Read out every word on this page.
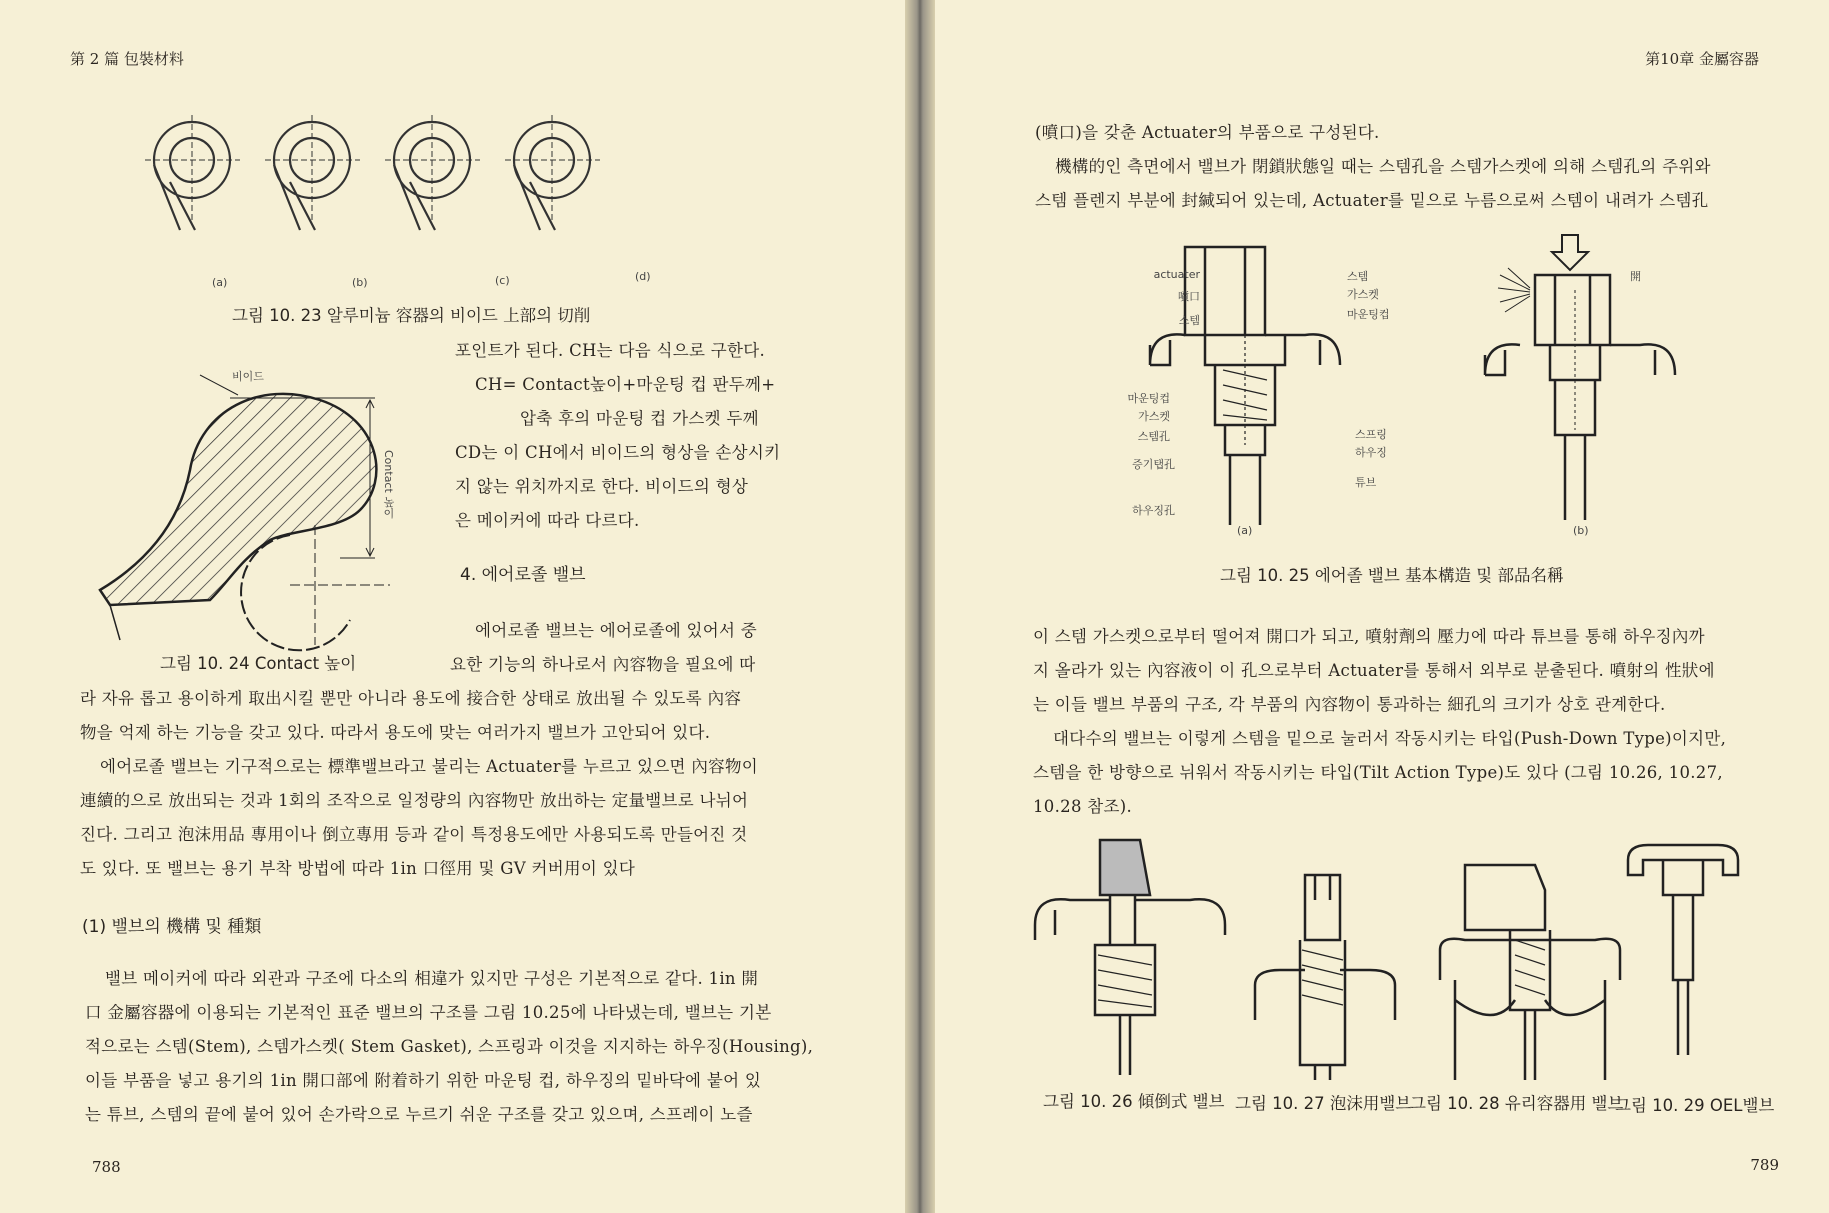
第 2 篇 包裝材料
(a)	(b)	(c)	(d)
그림 10. 23 알루미늄 容器의 비이드 上部의 切削
비이드
Contact 높이
그림 10. 24 Contact 높이
포인트가 된다. CH는 다음 식으로 구한다.
CH= Contact높이+마운팅 컵 판두께+
압축 후의 마운팅 컵 가스켓 두께
CD는 이 CH에서 비이드의 형상을 손상시키
지 않는 위치까지로 한다. 비이드의 형상
은 메이커에 따라 다르다.
4. 에어로졸 밸브
에어로졸 밸브는 에어로졸에 있어서 중
요한 기능의 하나로서 內容物을 필요에 따
라 자유 롭고 용이하게 取出시킬 뿐만 아니라 용도에 接合한 상태로 放出될 수 있도록 內容
物을 억제 하는 기능을 갖고 있다. 따라서 용도에 맞는 여러가지 밸브가 고안되어 있다.
에어로졸 밸브는 기구적으로는 標準밸브라고 불리는 Actuater를 누르고 있으면 內容物이
連續的으로 放出되는 것과 1회의 조작으로 일정량의 內容物만 放出하는 定量밸브로 나뉘어
진다. 그리고 泡沫用品 專用이나 倒立專用 등과 같이 특정용도에만 사용되도록 만들어진 것
도 있다. 또 밸브는 용기 부착 방법에 따라 1in 口徑用 및 GV 커버用이 있다
(1) 밸브의 機構 및 種類
밸브 메이커에 따라 외관과 구조에 다소의 相違가 있지만 구성은 기본적으로 같다. 1in 開
口 金屬容器에 이용되는 기본적인 표준 밸브의 구조를 그림 10.25에 나타냈는데, 밸브는 기본
적으로는 스템(Stem), 스템가스켓( Stem Gasket), 스프링과 이것을 지지하는 하우징(Housing),
이들 부품을 넣고 용기의 1in 開口部에 附着하기 위한 마운팅 컵, 하우징의 밑바닥에 붙어 있
는 튜브, 스템의 끝에 붙어 있어 손가락으로 누르기 쉬운 구조를 갖고 있으며, 스프레이 노즐
788
第10章 金屬容器
(噴口)을 갖춘 Actuater의 부품으로 구성된다.
機構的인 측면에서 밸브가 閉鎖狀態일 때는 스템孔을 스템가스켓에 의해 스템孔의 주위와
스템 플렌지 부분에 封緘되어 있는데, Actuater를 밑으로 누름으로써 스템이 내려가 스템孔
actuater
噴口
스템
마운팅컵
가스켓
스템孔
증기탭孔
하우징孔
스템
가스켓
마운팅컵
스프링
하우징
튜브
(a)
開
(b)
그림 10. 25 에어졸 밸브 基本構造 및 部品名稱
이 스템 가스켓으로부터 떨어져 開口가 되고, 噴射劑의 壓力에 따라 튜브를 통해 하우징內까
지 올라가 있는 內容液이 이 孔으로부터 Actuater를 통해서 외부로 분출된다. 噴射의 性狀에
는 이들 밸브 부품의 구조, 각 부품의 內容物이 통과하는 細孔의 크기가 상호 관계한다.
대다수의 밸브는 이렇게 스템을 밑으로 눌러서 작동시키는 타입(Push-Down Type)이지만,
스템을 한 방향으로 뉘워서 작동시키는 타입(Tilt Action Type)도 있다 (그림 10.26, 10.27,
10.28 참조).
그림 10. 26 傾倒式 밸브 그림 10. 27 泡沫用밸브
그림 10. 28 유리容器用 밸브
그림 10. 29 OEL밸브
789
